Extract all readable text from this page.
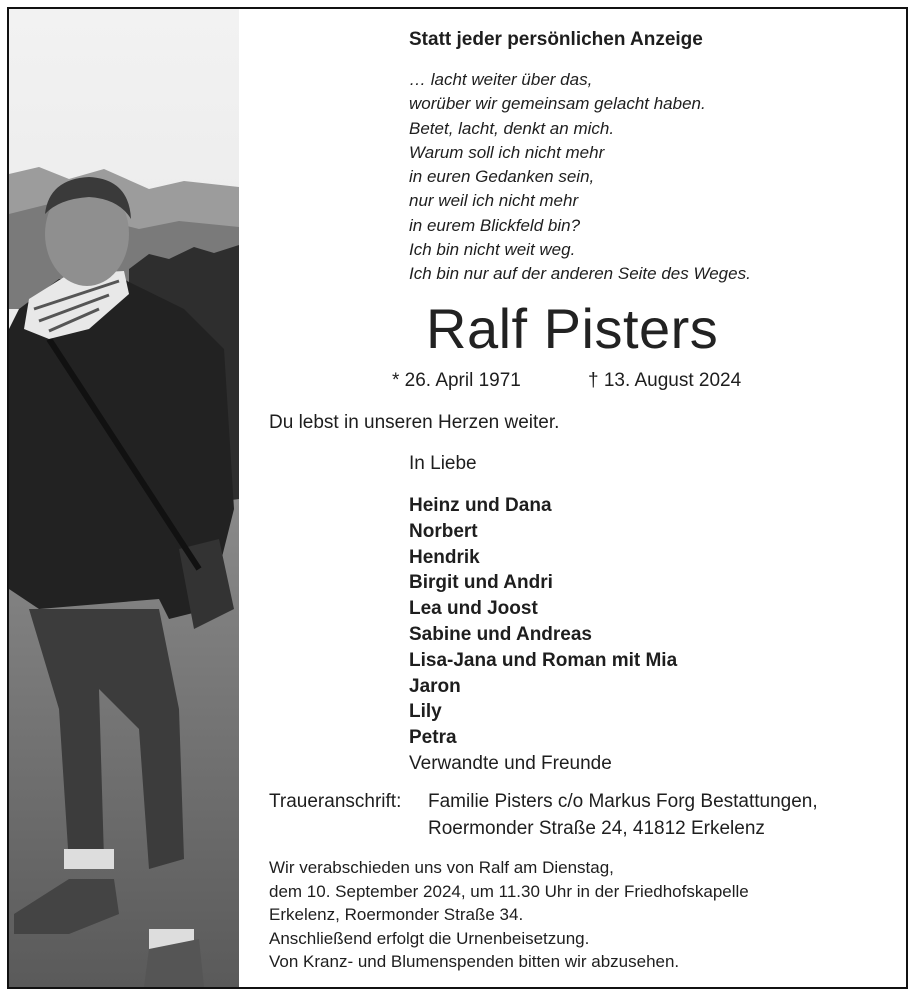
Statt jeder persönlichen Anzeige
… lacht weiter über das,
worüber wir gemeinsam gelacht haben.
Betet, lacht, denkt an mich.
Warum soll ich nicht mehr
in euren Gedanken sein,
nur weil ich nicht mehr
in eurem Blickfeld bin?
Ich bin nicht weit weg.
Ich bin nur auf der anderen Seite des Weges.
Ralf Pisters
* 26. April 1971	† 13. August 2024
Du lebst in unseren Herzen weiter.
In Liebe
Heinz und Dana
Norbert
Hendrik
Birgit und Andri
Lea und Joost
Sabine und Andreas
Lisa-Jana und Roman mit Mia
Jaron
Lily
Petra
Verwandte und Freunde
Traueranschrift: Familie Pisters c/o Markus Forg Bestattungen,
Roermonder Straße 24, 41812 Erkelenz
Wir verabschieden uns von Ralf am Dienstag,
dem 10. September 2024, um 11.30 Uhr in der Friedhofskapelle
Erkelenz, Roermonder Straße 34.
Anschließend erfolgt die Urnenbeisetzung.
Von Kranz- und Blumenspenden bitten wir abzusehen.
